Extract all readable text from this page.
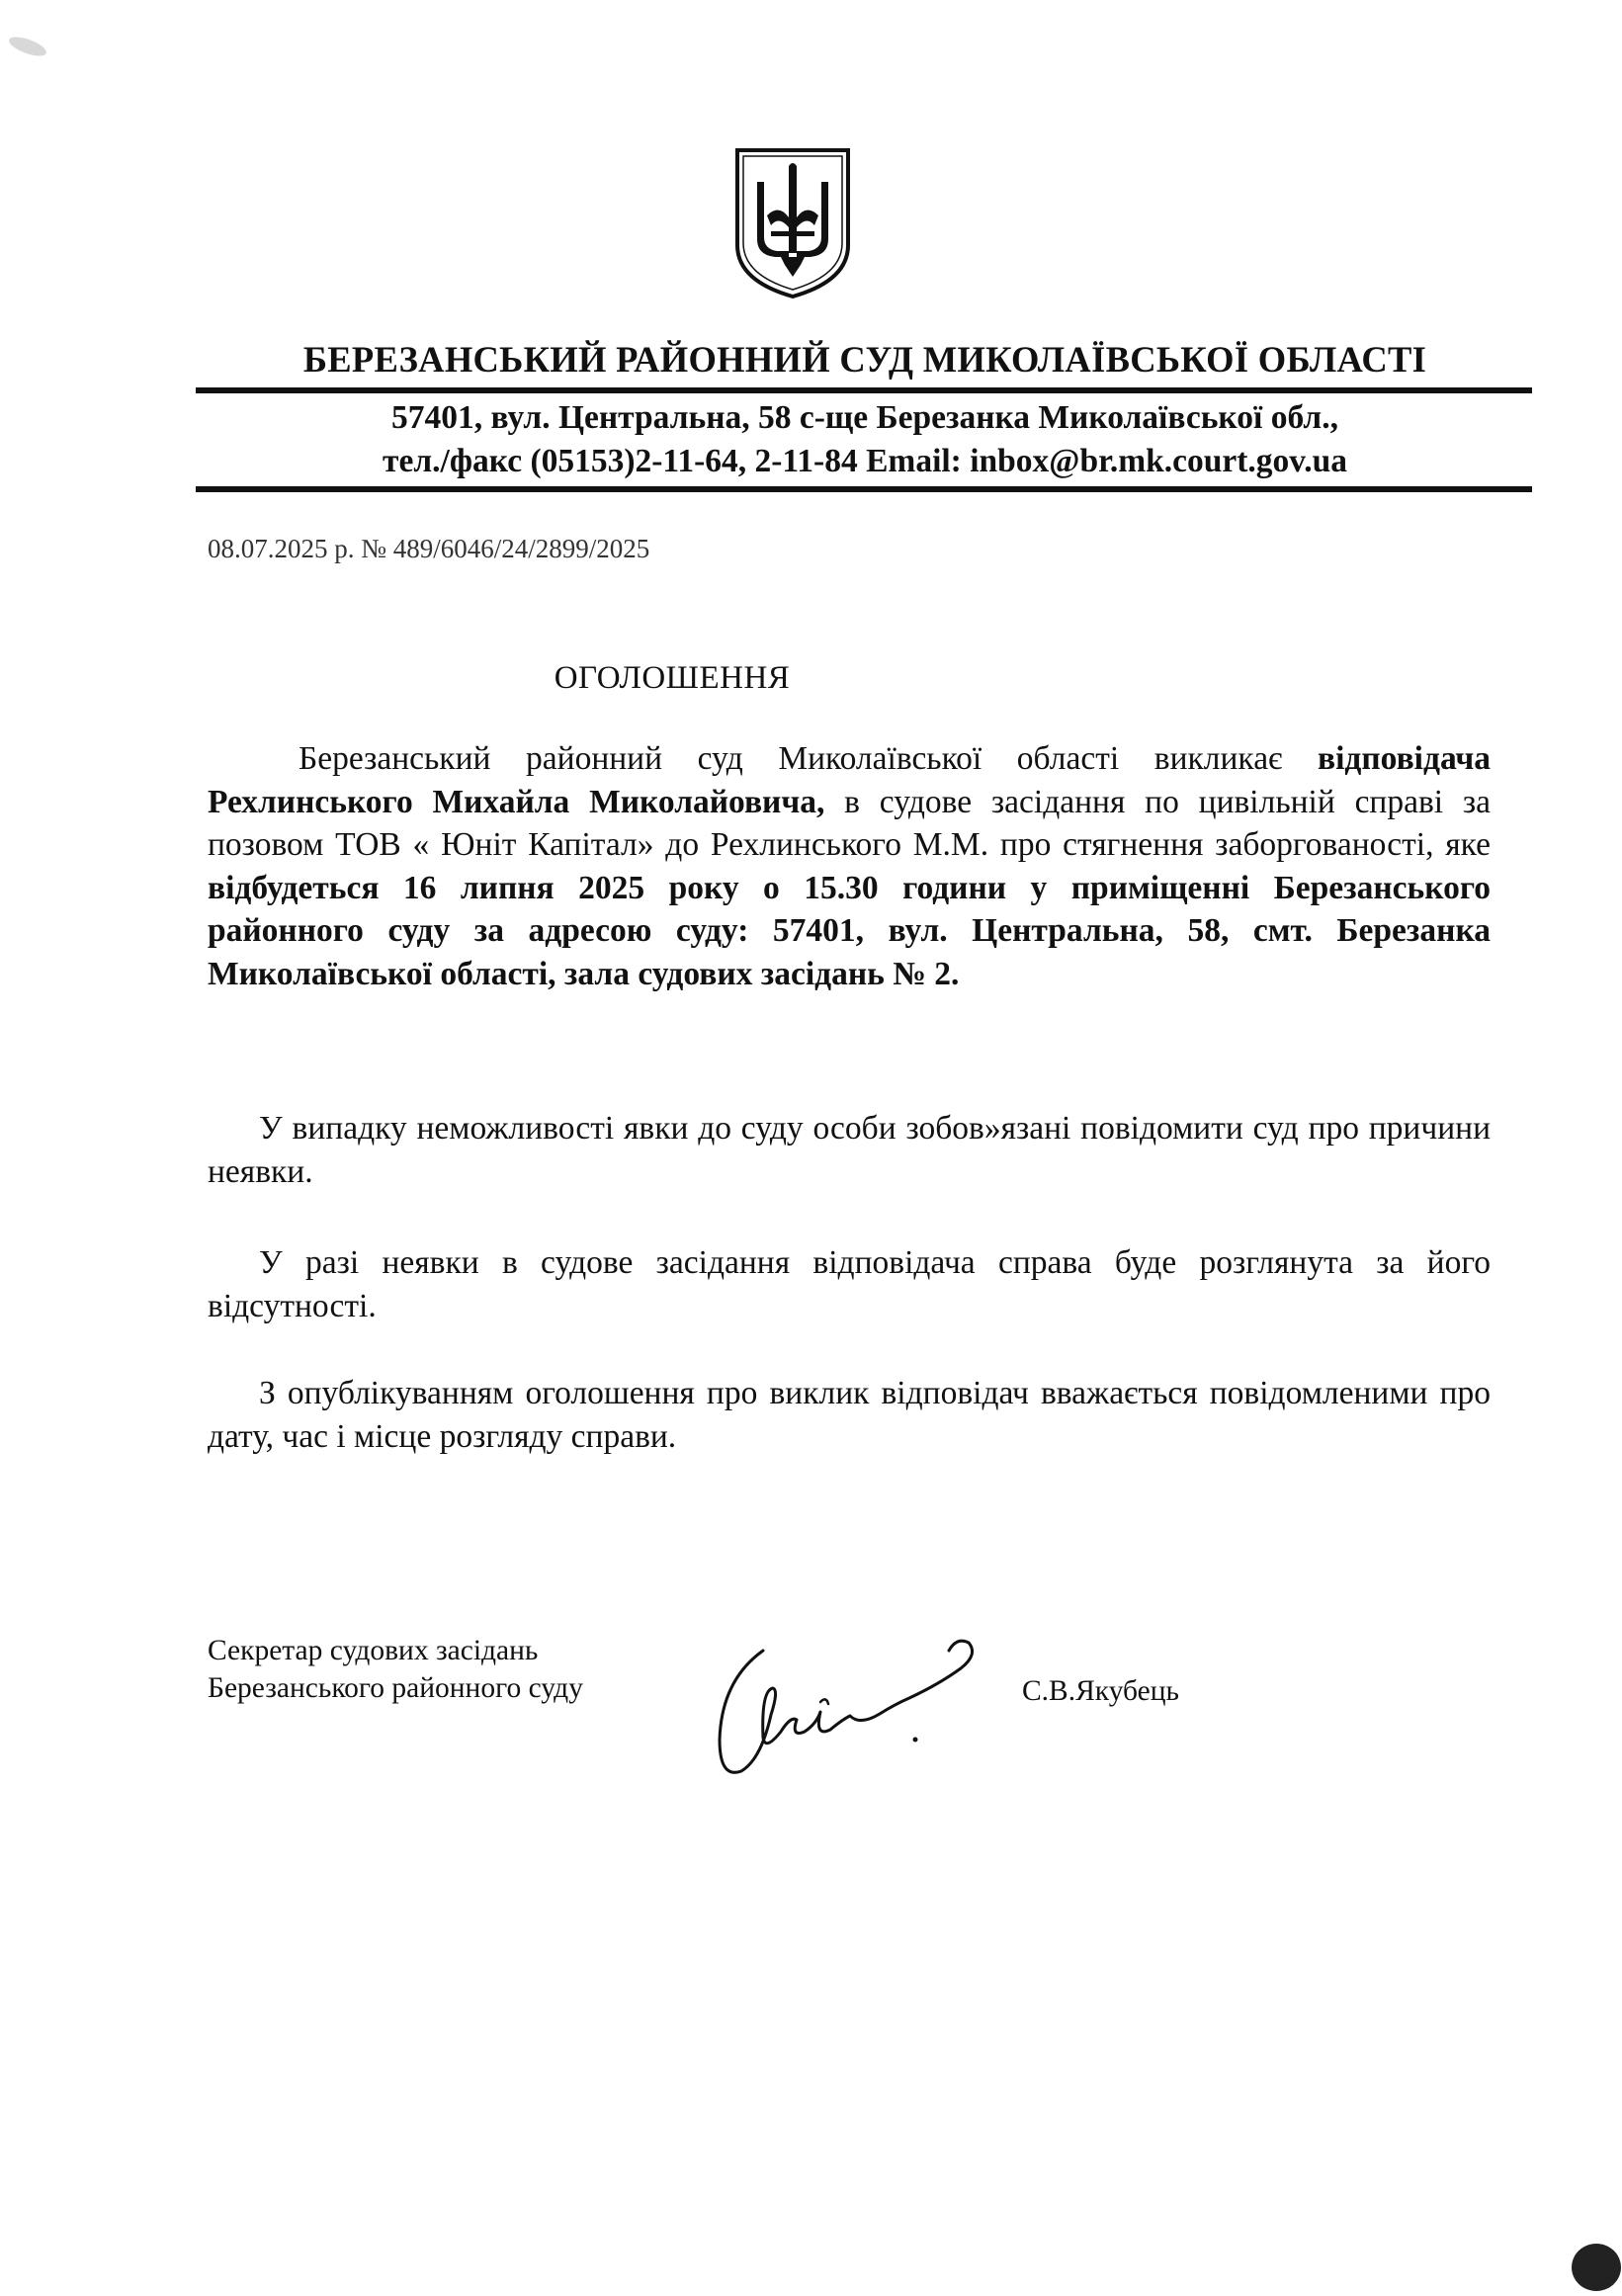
БЕРЕЗАНСЬКИЙ РАЙОННИЙ СУД МИКОЛАЇВСЬКОЇ ОБЛАСТІ
57401, вул. Центральна, 58 с-ще Березанка Миколаївської обл.,
тел./факс (05153)2-11-64, 2-11-84 Email: inbox@br.mk.court.gov.ua
08.07.2025 р. № 489/6046/24/2899/2025
ОГОЛОШЕННЯ
Березанський районний суд Миколаївської області викликає відповідача Рехлинського Михайла Миколайовича, в судове засідання по цивільній справі за позовом ТОВ « Юніт Капітал» до Рехлинського М.М. про стягнення заборгованості, яке відбудеться 16 липня 2025 року о 15.30 години у приміщенні Березанського районного суду за адресою суду: 57401, вул. Центральна, 58, смт. Березанка Миколаївської області, зала судових засідань № 2.
У випадку неможливості явки до суду особи зобов»язані повідомити суд про причини неявки.
У разі неявки в судове засідання відповідача справа буде розглянута за його відсутності.
З опублікуванням оголошення про виклик відповідач вважається повідомленими про дату, час і місце розгляду справи.
Секретар судових засідань
Березанського районного суду	С.В.Якубець
